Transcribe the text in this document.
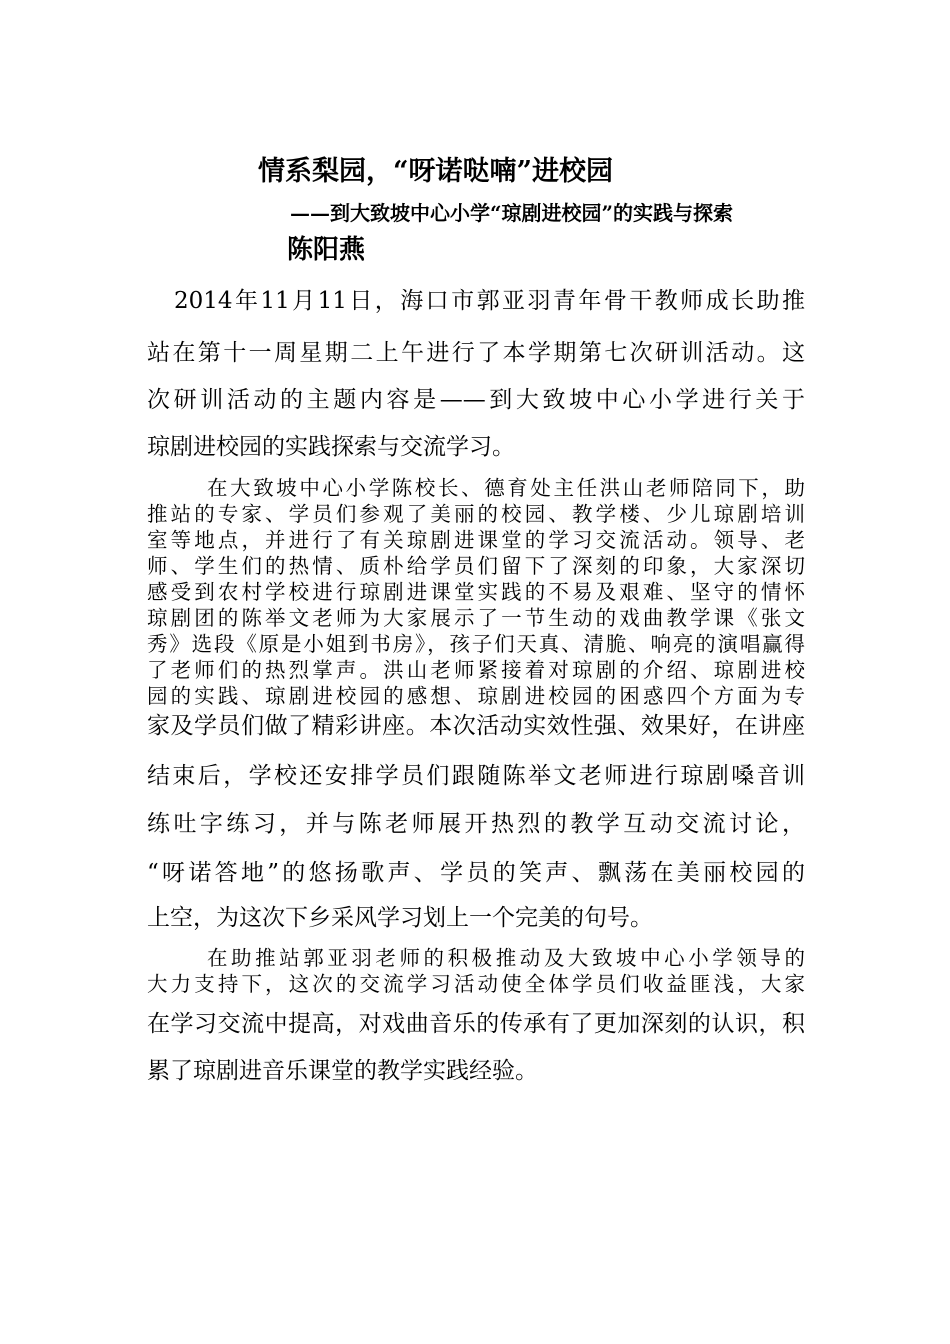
情系梨园，“呀诺哒喃”进校园
——到大致坡中心小学“琼剧进校园”的实践与探索
陈阳燕
2014年11月11日，海口市郭亚羽青年骨干教师成长助推
站在第十一周星期二上午进行了本学期第七次研训活动。这
次研训活动的主题内容是——到大致坡中心小学进行关于
琼剧进校园的实践探索与交流学习。
在大致坡中心小学陈校长、德育处主任洪山老师陪同下，助
推站的专家、学员们参观了美丽的校园、教学楼、少儿琼剧培训
室等地点，并进行了有关琼剧进课堂的学习交流活动。领导、老
师、学生们的热情、质朴给学员们留下了深刻的印象，大家深切
感受到农村学校进行琼剧进课堂实践的不易及艰难、坚守的情怀
琼剧团的陈举文老师为大家展示了一节生动的戏曲教学课《张文
秀》选段《原是小姐到书房》，孩子们天真、清脆、响亮的演唱赢得
了老师们的热烈掌声。洪山老师紧接着对琼剧的介绍、琼剧进校
园的实践、琼剧进校园的感想、琼剧进校园的困惑四个方面为专
家及学员们做了精彩讲座。本次活动实效性强、效果好，在讲座
结束后，学校还安排学员们跟随陈举文老师进行琼剧嗓音训
练吐字练习，并与陈老师展开热烈的教学互动交流讨论，
“呀诺答地”的悠扬歌声、学员的笑声、飘荡在美丽校园的
上空，为这次下乡采风学习划上一个完美的句号。
在助推站郭亚羽老师的积极推动及大致坡中心小学领导的
大力支持下，这次的交流学习活动使全体学员们收益匪浅，大家
在学习交流中提高，对戏曲音乐的传承有了更加深刻的认识，积
累了琼剧进音乐课堂的教学实践经验。
